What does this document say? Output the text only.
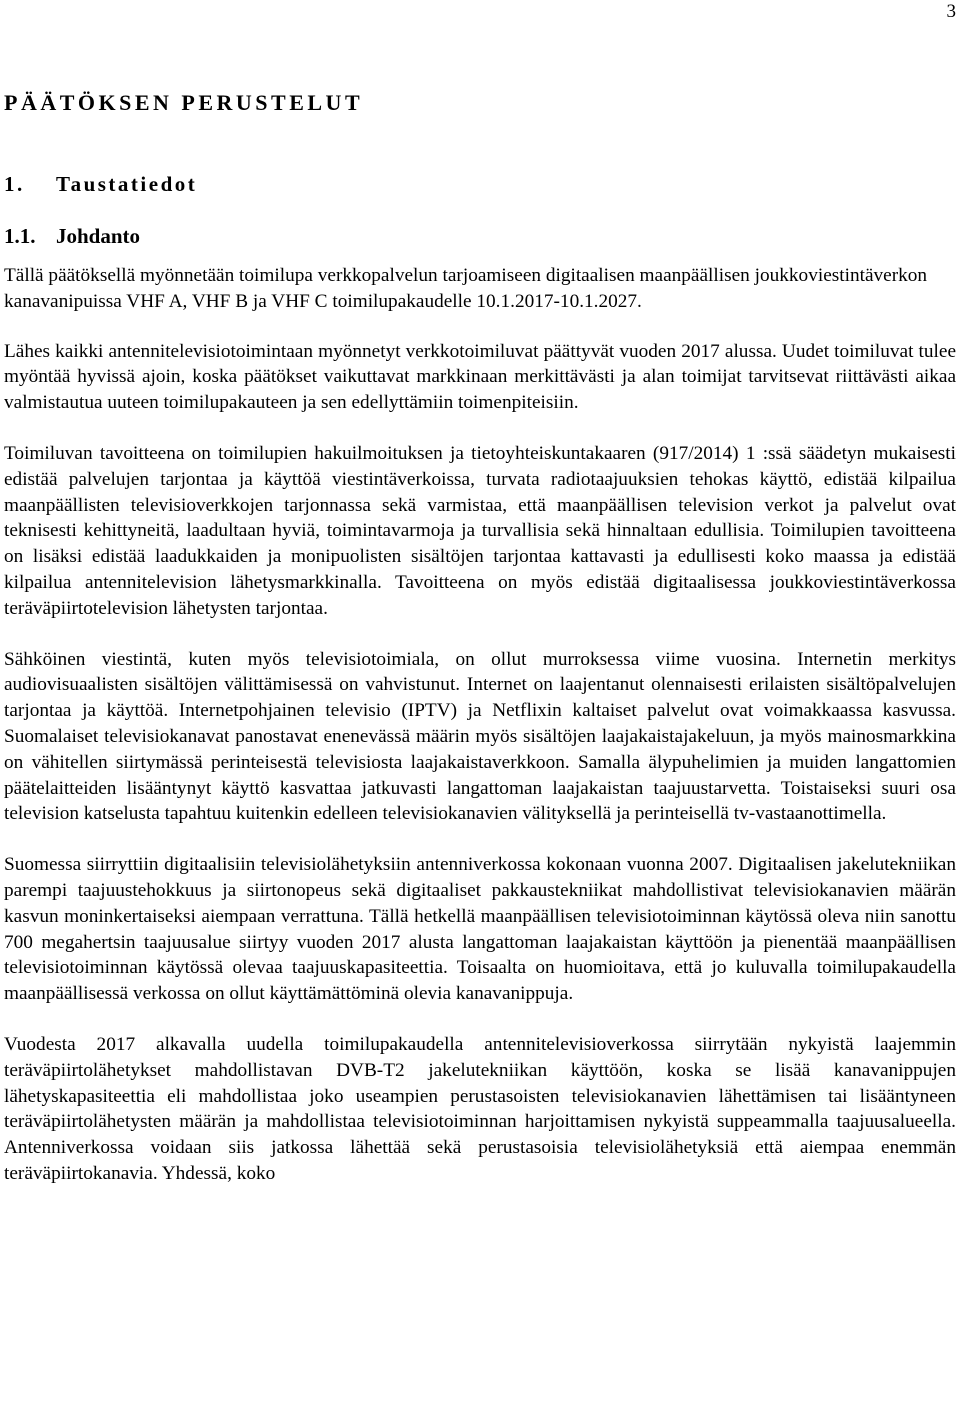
3
PÄÄTÖKSEN PERUSTELUT
1. Taustatiedot
1.1. Johdanto

Tällä päätöksellä myönnetään toimilupa verkkopalvelun tarjoamiseen digitaalisen maanpäällisen joukkoviestintäverkon kanavanipuissa VHF A, VHF B ja VHF C toimilupakaudelle 10.1.2017-10.1.2027.

Lähes kaikki antennitelevisiotoimintaan myönnetyt verkkotoimiluvat päättyvät vuoden 2017 alussa. Uudet toimiluvat tulee myöntää hyvissä ajoin, koska päätökset vaikuttavat markkinaan merkittävästi ja alan toimijat tarvitsevat riittävästi aikaa valmistautua uuteen toimilupakauteen ja sen edellyttämiin toimenpiteisiin.

Toimiluvan tavoitteena on toimilupien hakuilmoituksen ja tietoyhteiskuntakaaren (917/2014) 1 :ssä säädetyn mukaisesti edistää palvelujen tarjontaa ja käyttöä viestintäverkoissa, turvata radiotaajuuksien tehokas käyttö, edistää kilpailua maanpäällisten televisioverkkojen tarjonnassa sekä varmistaa, että maanpäällisen television verkot ja palvelut ovat teknisesti kehittyneitä, laadultaan hyviä, toimintavarmoja ja turvallisia sekä hinnaltaan edullisia. Toimilupien tavoitteena on lisäksi edistää laadukkaiden ja monipuolisten sisältöjen tarjontaa kattavasti ja edullisesti koko maassa ja edistää kilpailua antennitelevision lähetysmarkkinalla. Tavoitteena on myös edistää digitaalisessa joukkoviestintäverkossa teräväpiirtotelevision lähetysten tarjontaa.

Sähköinen viestintä, kuten myös televisiotoimiala, on ollut murroksessa viime vuosina. Internetin merkitys audiovisuaalisten sisältöjen välittämisessä on vahvistunut. Internet on laajentanut olennaisesti erilaisten sisältöpalvelujen tarjontaa ja käyttöä. Internetpohjainen televisio (IPTV) ja Netflixin kaltaiset palvelut ovat voimakkaassa kasvussa. Suomalaiset televisiokanavat panostavat enenevässä määrin myös sisältöjen laajakaistajakeluun, ja myös mainosmarkkina on vähitellen siirtymässä perinteisestä televisiosta laajakaistaverkkoon. Samalla älypuhelimien ja muiden langattomien päätelaitteiden lisääntynyt käyttö kasvattaa jatkuvasti langattoman laajakaistan taajuustarvetta. Toistaiseksi suuri osa television katselusta tapahtuu kuitenkin edelleen televisiokanavien välityksellä ja perinteisellä tv-vastaanottimella.

Suomessa siirryttiin digitaalisiin televisiolähetyksiin antenniverkossa kokonaan vuonna 2007. Digitaalisen jakelutekniikan parempi taajuustehokkuus ja siirtonopeus sekä digitaaliset pakkaustekniikat mahdollistivat televisiokanavien määrän kasvun moninkertaiseksi aiempaan verrattuna. Tällä hetkellä maanpäällisen televisiotoiminnan käytössä oleva niin sanottu 700 megahertsin taajuusalue siirtyy vuoden 2017 alusta langattoman laajakaistan käyttöön ja pienentää maanpäällisen televisiotoiminnan käytössä olevaa taajuuskapasiteettia. Toisaalta on huomioitava, että jo kuluvalla toimilupakaudella maanpäällisessä verkossa on ollut käyttämättöminä olevia kanavanippuja.

Vuodesta 2017 alkavalla uudella toimilupakaudella antennitelevisioverkossa siirrytään nykyistä laajemmin teräväpiirtolähetykset mahdollistavan DVB-T2 jakelutekniikan käyttöön, koska se lisää kanavanippujen lähetyskapasiteettia eli mahdollistaa joko useampien perustasoisten televisiokanavien lähettämisen tai lisääntyneen teräväpiirtolähetysten määrän ja mahdollistaa televisiotoiminnan harjoittamisen nykyistä suppeammalla taajuusalueella. Antenniverkossa voidaan siis jatkossa lähettää sekä perustasoisia televisiolähetyksiä että aiempaa enemmän teräväpiirtokanavia. Yhdessä, koko
